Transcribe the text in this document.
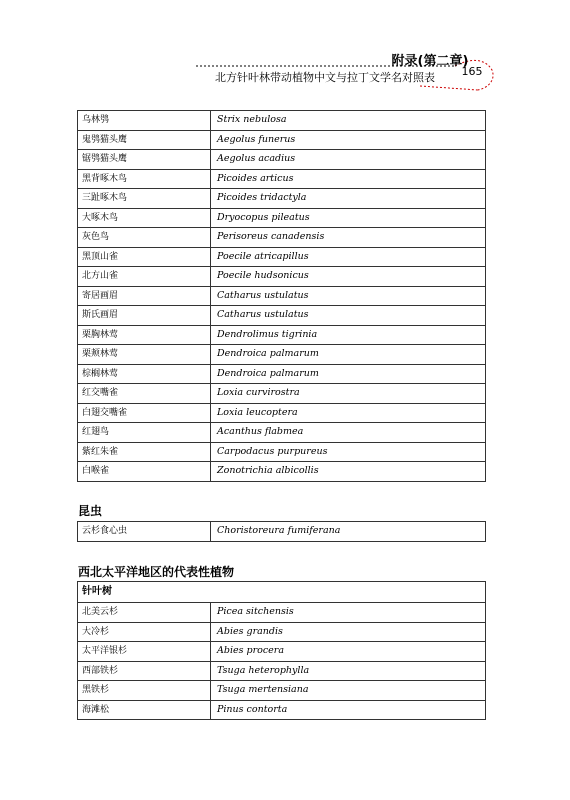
附录(第二章)
北方针叶林带动植物中文与拉丁文学名对照表	165
乌林鸮	Strix nebulosa
鬼鸮猫头鹰	Aegolus funerus
锯鸮猫头鹰	Aegolus acadius
黑背啄木鸟	Picoides articus
三趾啄木鸟	Picoides tridactyla
大啄木鸟	Dryocopus pileatus
灰色鸟	Perisoreus canadensis
黑顶山雀	Poecile atricapillus
北方山雀	Poecile hudsonicus
寄居画眉	Catharus ustulatus
斯氏画眉	Catharus ustulatus
栗胸林莺	Dendrolimus tigrinia
栗颊林莺	Dendroica palmarum
棕榈林莺	Dendroica palmarum
红交嘴雀	Loxia curvirostra
白翅交嘴雀	Loxia leucoptera
红翅鸟	Acanthus flabmea
紫红朱雀	Carpodacus purpureus
白喉雀	Zonotrichia albicollis
昆虫
云杉食心虫	Choristoreura fumiferana
西北太平洋地区的代表性植物
针叶树	
北美云杉	Picea sitchensis
大冷杉	Abies grandis
太平洋银杉	Abies procera
西部铁杉	Tsuga heterophylla
黑铁杉	Tsuga mertensiana
海滩松	Pinus contorta
